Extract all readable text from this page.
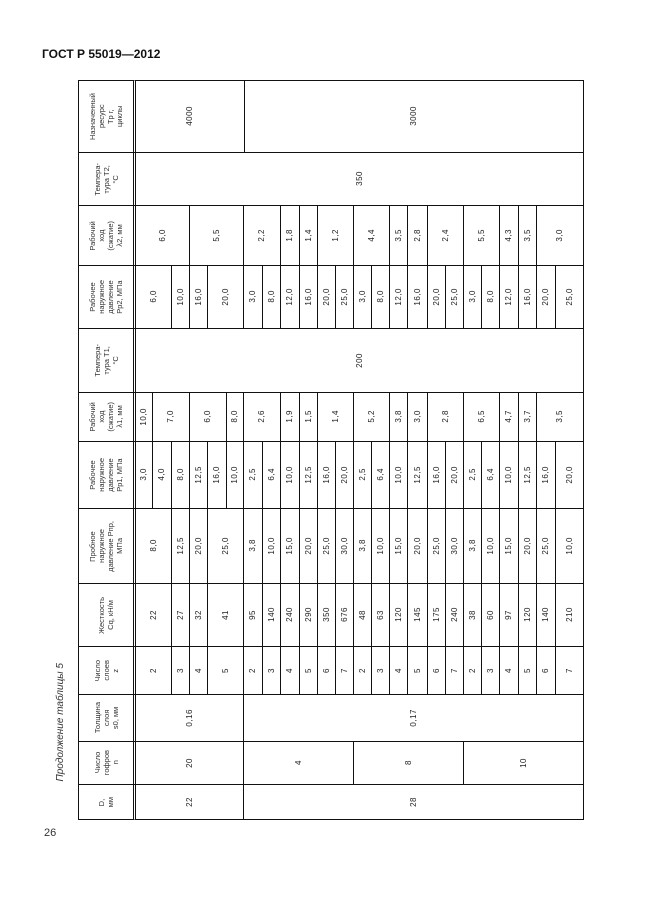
ГОСТ Р 55019—2012
Продолжение таблицы 5
26
Назначенный
ресурс
Tр г,
циклы	4000	3000
Темпера-
тура T2,
°C	350
Рабочий
ход
(сжатие)
λ2, мм	6,0	5,5	2,2 1,8 1,4 1,2	4,4 3,5 2,8 2,4	5,5 4,3 3,5	3,0
Рабочее
наружное
давление
Pр2, МПа
6,0 10,0 16,0 20,0 3,0 8,0 12,0 16,0 20,0 25,0 3,0 8,0 12,0 16,0 20,0 25,0 3,0 8,0 12,0 16,0 20,0 25,0
Темпера-
тура T1,
°C	200
Рабочий
ход
(сжатие)
λ1, мм 10,0 7,0	6,0 8,0 2,6 1,9 1,5 1,4	5,2 3,8 3,0 2,8	6,5 4,7 3,7	3,5
Рабочее
наружное
давление
Pр1, МПа
3,0 4,0 8,0 12,5 16,0 10,0 2,5 6,4 10,0 12,5 16,0 20,0 2,5 6,4 10,0 12,5 16,0 20,0 2,5 6,4 10,0 12,5 16,0 20,0
Пробное
наружное
давление Pпр,
МПа	8,0 12,5 20,0 25,0 3,8 10,0 15,0 20,0 25,0 30,0 3,8 10,0 15,0 20,0 25,0 30,0 3,8 10,0 15,0 20,0 25,0 10,0
Жесткость
Cq, кН/м	22 27 32 41 95 140 240 290 350 676 48 63 120 145 175 240 38 60 97 120 140 210
Число
слоев
z	2 3 4 5 2 3 4 5 6 7 2 3 4 5 6 7 2 3 4 5 6 7
Толщина
слоя
s0, мм	0,16	0,17
Число
гофров
n	20	4	8	10
D,
мм	22	28
